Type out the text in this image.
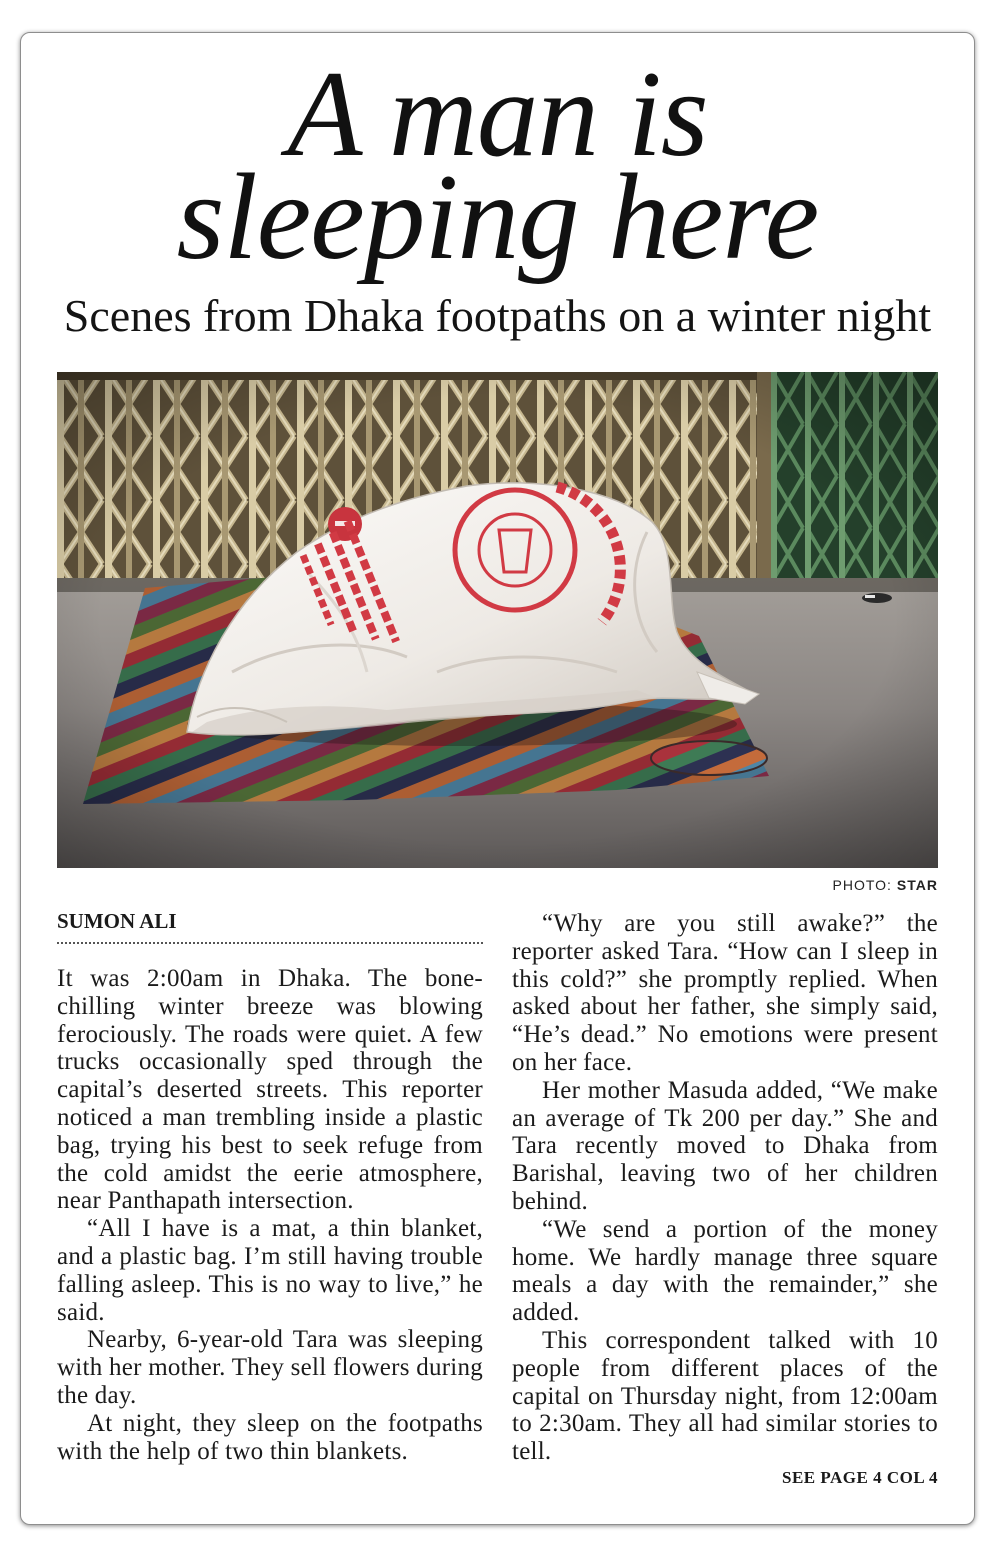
A man is
sleeping here
Scenes from Dhaka footpaths on a winter night
PHOTO: STAR
SUMON ALI

It was 2:00am in Dhaka. The bone-chilling winter breeze was blowing ferociously. The roads were quiet. A few trucks occasionally sped through the capital’s deserted streets. This reporter noticed a man trembling inside a plastic bag, trying his best to seek refuge from the cold amidst the eerie atmosphere, near Panthapath intersection.

“All I have is a mat, a thin blanket, and a plastic bag. I’m still having trouble falling asleep. This is no way to live,” he said.

Nearby, 6-year-old Tara was sleeping with her mother. They sell flowers during the day.

At night, they sleep on the footpaths with the help of two thin blankets.

“Why are you still awake?” the reporter asked Tara. “How can I sleep in this cold?” she promptly replied. When asked about her father, she simply said, “He’s dead.” No emotions were present on her face.

Her mother Masuda added, “We make an average of Tk 200 per day.” She and Tara recently moved to Dhaka from Barishal, leaving two of her children behind.

“We send a portion of the money home. We hardly manage three square meals a day with the remainder,” she added.

This correspondent talked with 10 people from different places of the capital on Thursday night, from 12:00am to 2:30am. They all had similar stories to tell.

SEE PAGE 4 COL 4
